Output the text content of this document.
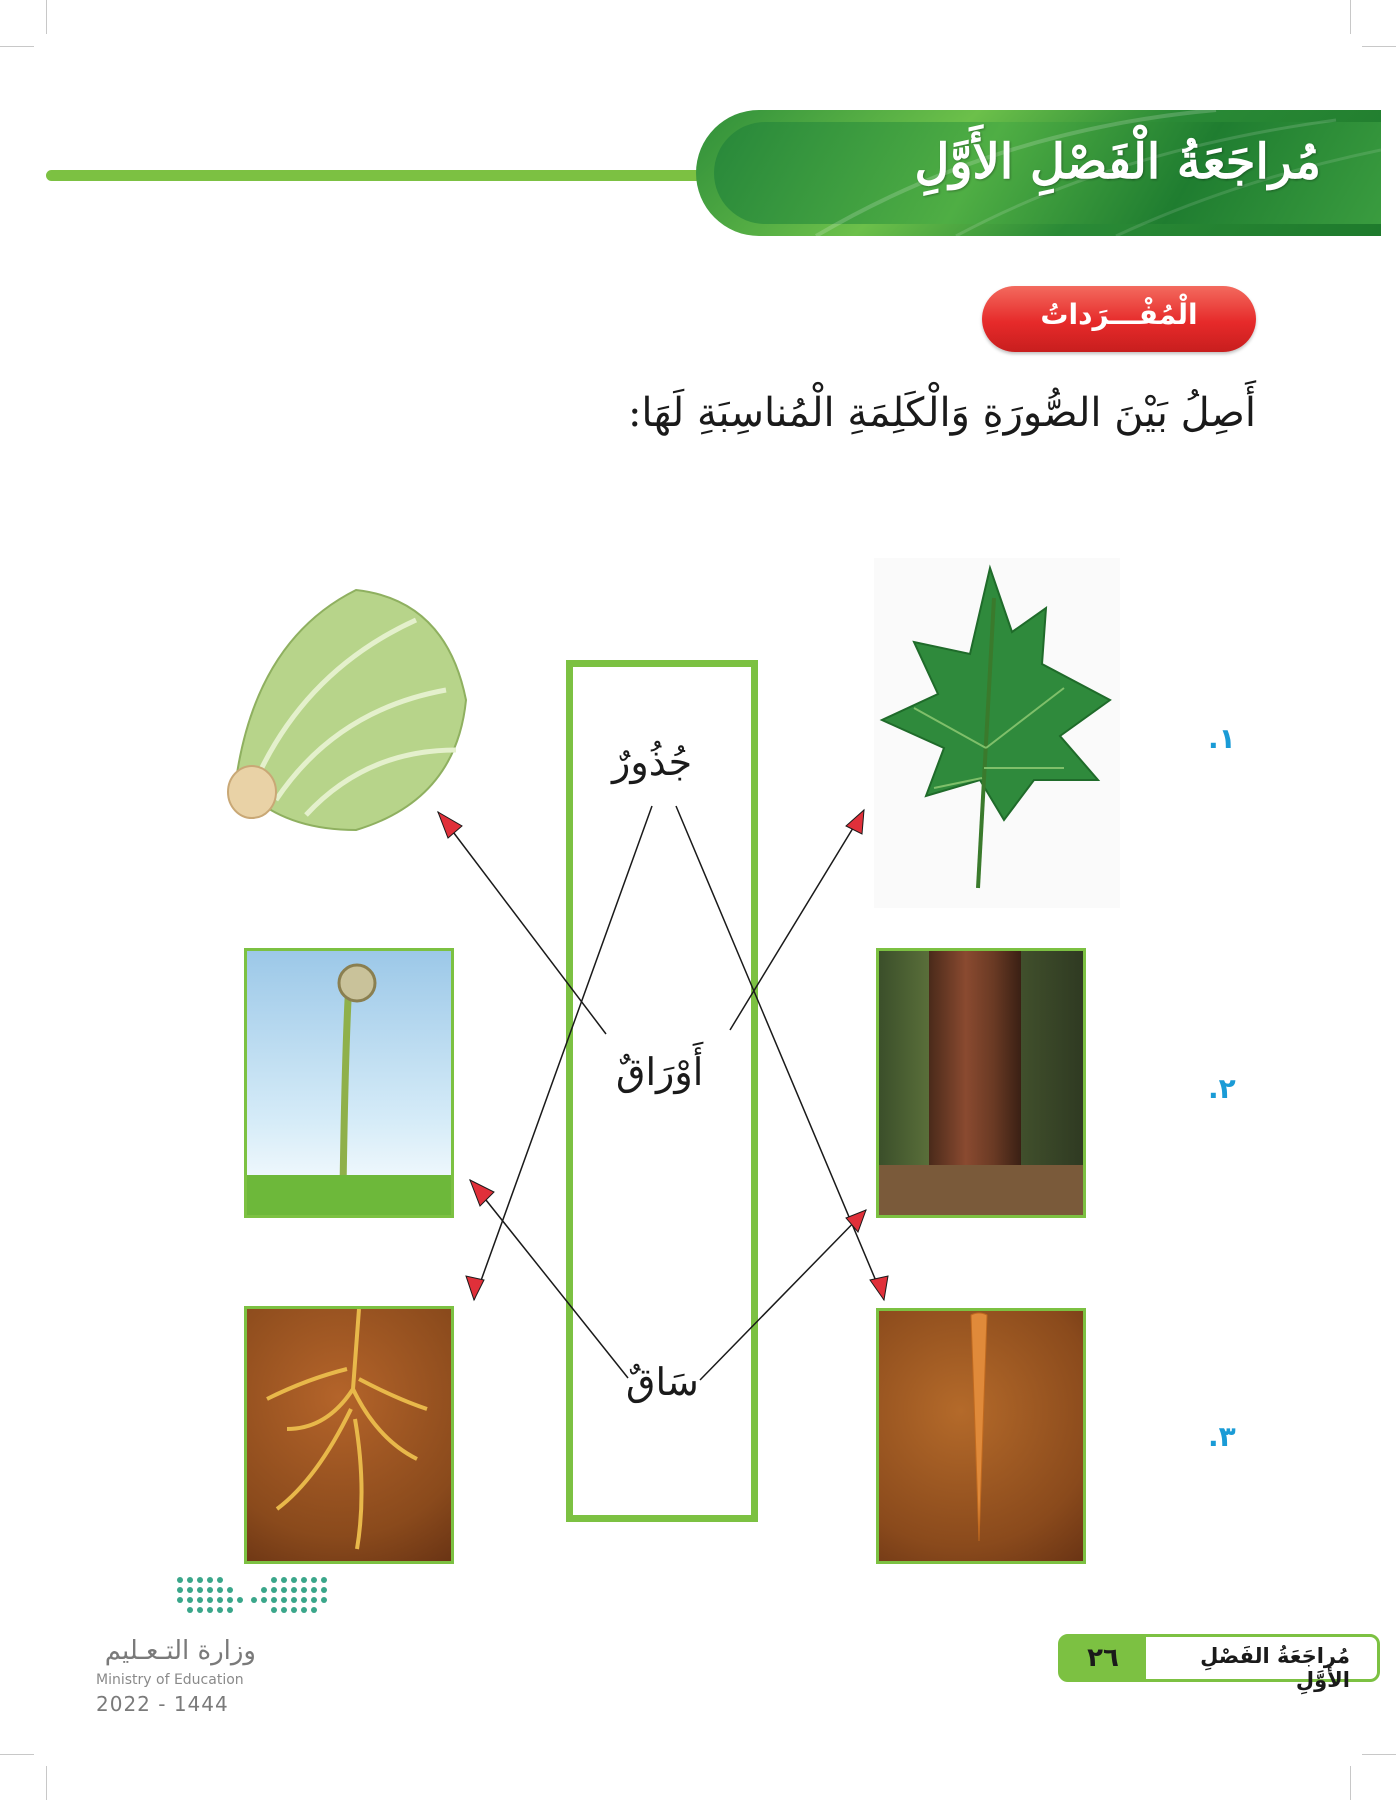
مُراجَعَةُ الْفَصْلِ الأَوَّلِ
الْمُفْـــرَداتُ
أَصِلُ بَيْنَ الصُّورَةِ وَالْكَلِمَةِ الْمُناسِبَةِ لَهَا:
١.
٢.
٣.
جُذُورٌ
أَوْرَاقٌ
سَاقٌ
وزارة التـعـليم
Ministry of Education
2022 - 1444
٢٦	مُراجَعَةُ الفَصْلِ الأَوَّلِ
